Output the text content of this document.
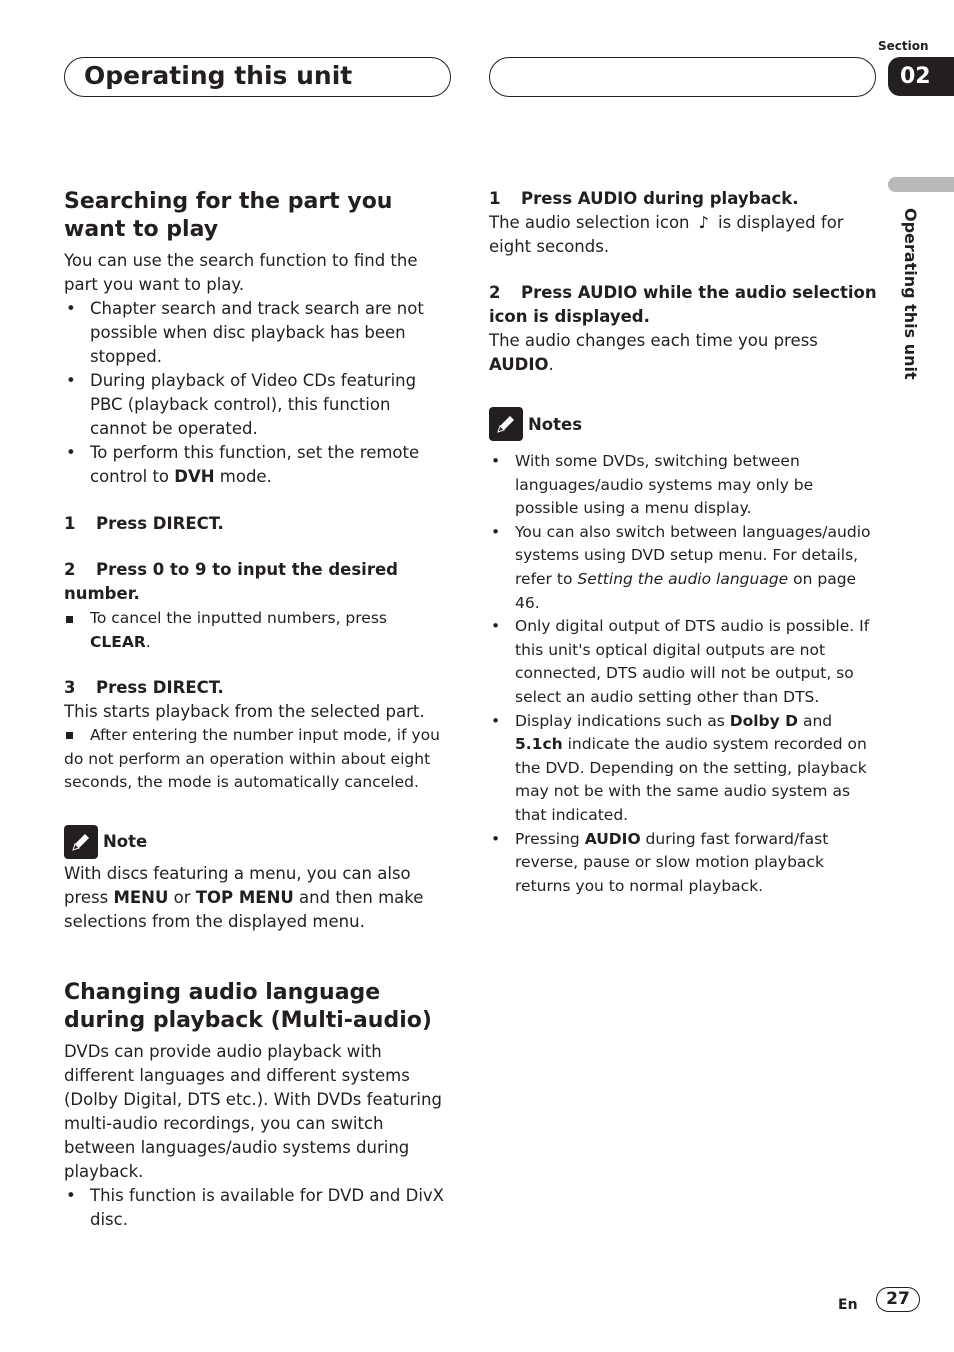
Operating this unit
Section
02
Operating this unit
Searching for the part you want to play

You can use the search function to find the part you want to play.

• Chapter search and track search are not possible when disc playback has been stopped.
• During playback of Video CDs featuring PBC (playback control), this function cannot be operated.
• To perform this function, set the remote control to DVH mode.

1 Press DIRECT.

2 Press 0 to 9 to input the desired number.

To cancel the inputted numbers, press CLEAR.

3 Press DIRECT.

This starts playback from the selected part.

After entering the number input mode, if you do not perform an operation within about eight seconds, the mode is automatically canceled.

Note

With discs featuring a menu, you can also press MENU or TOP MENU and then make selections from the displayed menu.

Changing audio language during playback (Multi-audio)

DVDs can provide audio playback with different languages and different systems (Dolby Digital, DTS etc.). With DVDs featuring multi-audio recordings, you can switch between languages/audio systems during playback.

• This function is available for DVD and DivX disc.

1 Press AUDIO during playback.

The audio selection icon ♪ is displayed for eight seconds.

2 Press AUDIO while the audio selection icon is displayed.

The audio changes each time you press AUDIO.

Notes
• With some DVDs, switching between languages/audio systems may only be possible using a menu display.
• You can also switch between languages/audio systems using DVD setup menu. For details, refer to Setting the audio language on page 46.
• Only digital output of DTS audio is possible. If this unit's optical digital outputs are not connected, DTS audio will not be output, so select an audio setting other than DTS.
• Display indications such as Dolby D and 5.1ch indicate the audio system recorded on the DVD. Depending on the setting, playback may not be with the same audio system as that indicated.
• Pressing AUDIO during fast forward/fast reverse, pause or slow motion playback returns you to normal playback.
En	27
